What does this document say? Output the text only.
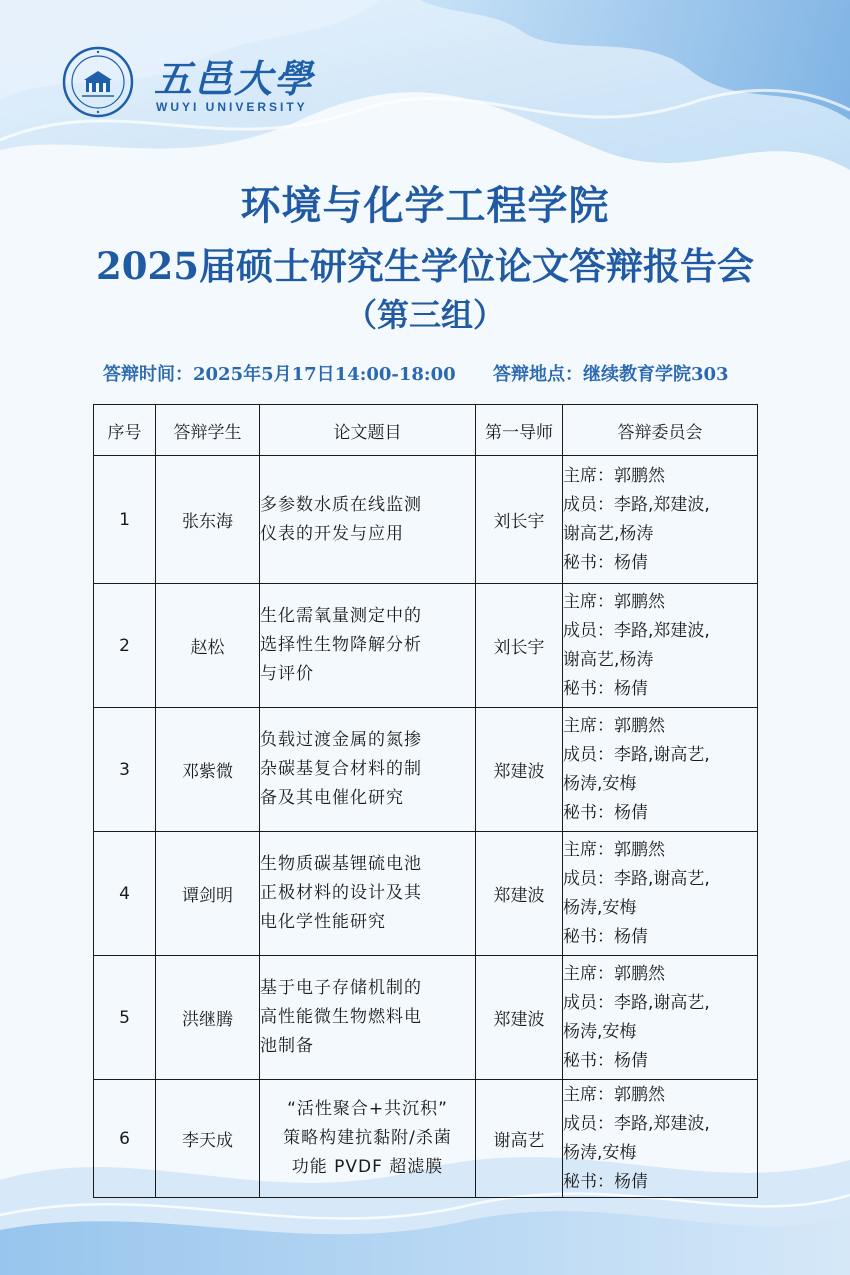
五邑大學
WUYI UNIVERSITY
环境与化学工程学院
2025届硕士研究生学位论文答辩报告会
（第三组）
答辩时间：2025年5月17日14:00-18:00 答辩地点：继续教育学院303
序号	答辩学生	论文题目	第一导师	答辩委员会
1	张东海	多参数水质在线监测
仪表的开发与应用	刘长宇	主席：郭鹏然
成员：李路,郑建波,
谢高艺,杨涛
秘书：杨倩

2	赵松	生化需氧量测定中的
选择性生物降解分析
与评价	刘长宇	主席：郭鹏然
成员：李路,郑建波,
谢高艺,杨涛
秘书：杨倩

3	邓紫微	负载过渡金属的氮掺
杂碳基复合材料的制
备及其电催化研究	郑建波	主席：郭鹏然
成员：李路,谢高艺,
杨涛,安梅
秘书：杨倩

4	谭剑明	生物质碳基锂硫电池
正极材料的设计及其
电化学性能研究	郑建波	主席：郭鹏然
成员：李路,谢高艺,
杨涛,安梅
秘书：杨倩

5	洪继腾	基于电子存储机制的
高性能微生物燃料电
池制备	郑建波	主席：郭鹏然
成员：李路,谢高艺,
杨涛,安梅
秘书：杨倩

6	李天成	“活性聚合+共沉积”
策略构建抗黏附/杀菌
功能 PVDF 超滤膜	谢高艺	主席：郭鹏然
成员：李路,郑建波,
杨涛,安梅
秘书：杨倩
